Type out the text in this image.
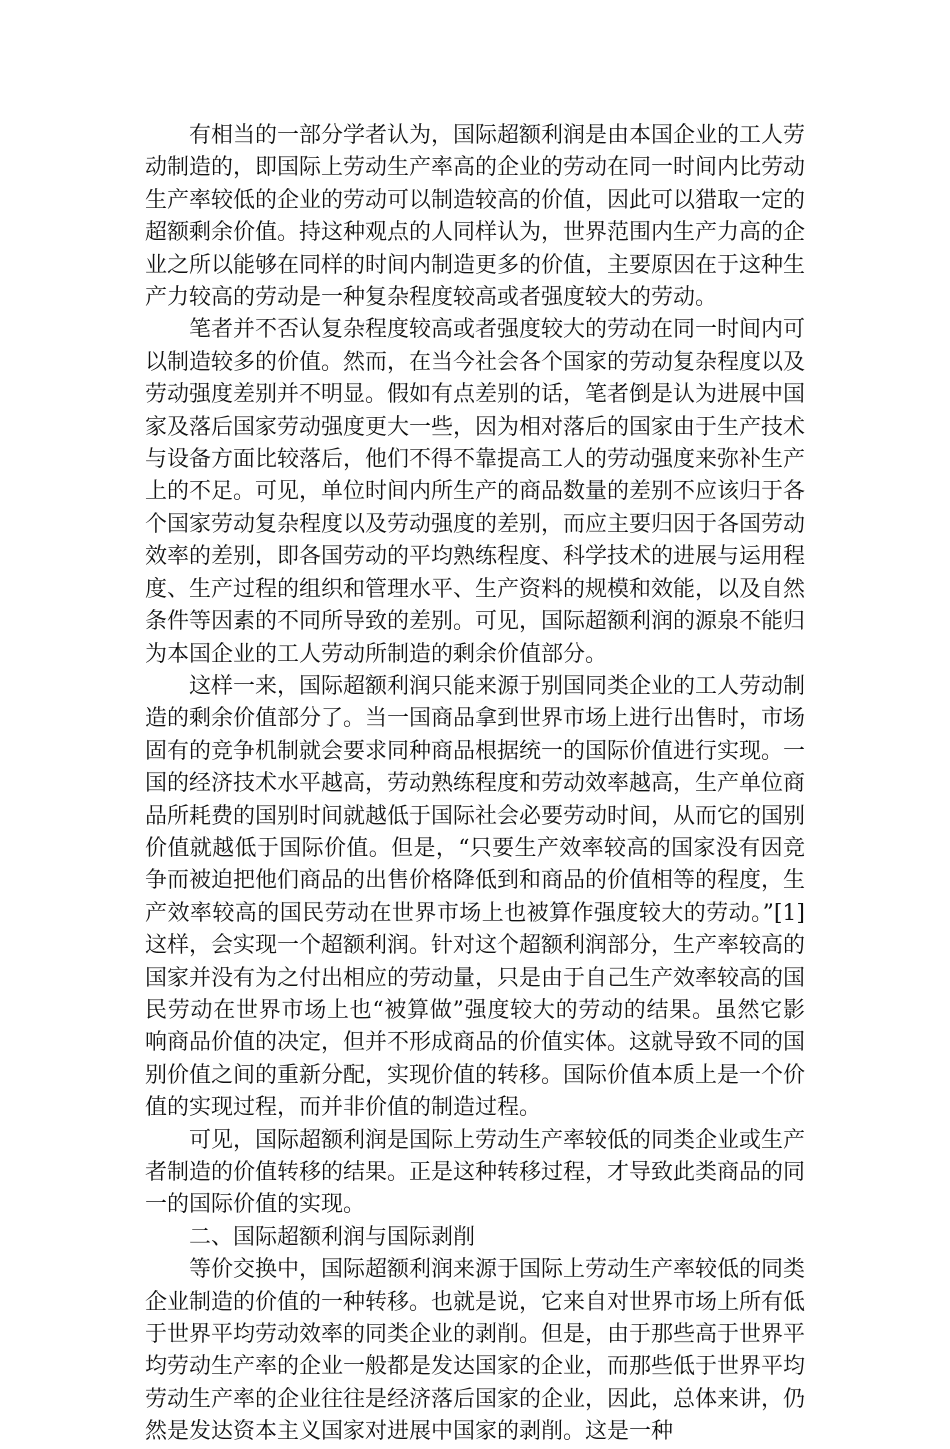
有相当的一部分学者认为，国际超额利润是由本国企业的工人劳动制造的，即国际上劳动生产率高的企业的劳动在同一时间内比劳动生产率较低的企业的劳动可以制造较高的价值，因此可以猎取一定的超额剩余价值。持这种观点的人同样认为，世界范围内生产力高的企业之所以能够在同样的时间内制造更多的价值，主要原因在于这种生产力较高的劳动是一种复杂程度较高或者强度较大的劳动。

笔者并不否认复杂程度较高或者强度较大的劳动在同一时间内可以制造较多的价值。然而，在当今社会各个国家的劳动复杂程度以及劳动强度差别并不明显。假如有点差别的话，笔者倒是认为进展中国家及落后国家劳动强度更大一些，因为相对落后的国家由于生产技术与设备方面比较落后，他们不得不靠提高工人的劳动强度来弥补生产上的不足。可见，单位时间内所生产的商品数量的差别不应该归于各个国家劳动复杂程度以及劳动强度的差别，而应主要归因于各国劳动效率的差别，即各国劳动的平均熟练程度、科学技术的进展与运用程度、生产过程的组织和管理水平、生产资料的规模和效能，以及自然条件等因素的不同所导致的差别。可见，国际超额利润的源泉不能归为本国企业的工人劳动所制造的剩余价值部分。

这样一来，国际超额利润只能来源于别国同类企业的工人劳动制造的剩余价值部分了。当一国商品拿到世界市场上进行出售时，市场固有的竞争机制就会要求同种商品根据统一的国际价值进行实现。一国的经济技术水平越高，劳动熟练程度和劳动效率越高，生产单位商品所耗费的国别时间就越低于国际社会必要劳动时间，从而它的国别价值就越低于国际价值。但是，“只要生产效率较高的国家没有因竞争而被迫把他们商品的出售价格降低到和商品的价值相等的程度，生产效率较高的国民劳动在世界市场上也被算作强度较大的劳动。”[1]这样，会实现一个超额利润。针对这个超额利润部分，生产率较高的国家并没有为之付出相应的劳动量，只是由于自己生产效率较高的国民劳动在世界市场上也“被算做”强度较大的劳动的结果。虽然它影响商品价值的决定，但并不形成商品的价值实体。这就导致不同的国别价值之间的重新分配，实现价值的转移。国际价值本质上是一个价值的实现过程，而并非价值的制造过程。

可见，国际超额利润是国际上劳动生产率较低的同类企业或生产者制造的价值转移的结果。正是这种转移过程，才导致此类商品的同一的国际价值的实现。

二、国际超额利润与国际剥削

等价交换中，国际超额利润来源于国际上劳动生产率较低的同类企业制造的价值的一种转移。也就是说，它来自对世界市场上所有低于世界平均劳动效率的同类企业的剥削。但是，由于那些高于世界平均劳动生产率的企业一般都是发达国家的企业，而那些低于世界平均劳动生产率的企业往往是经济落后国家的企业，因此，总体来讲，仍然是发达资本主义国家对进展中国家的剥削。这是一种
